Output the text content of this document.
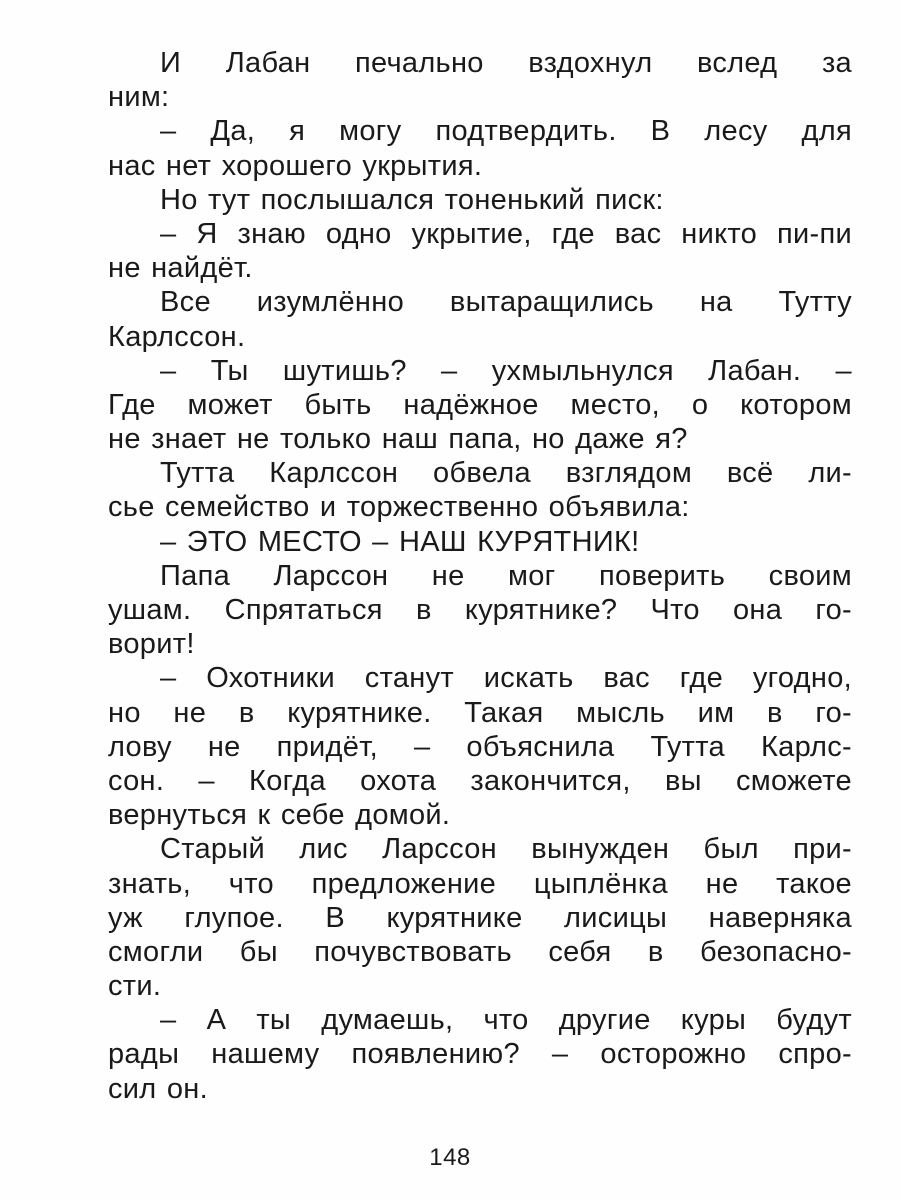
И Лабан печально вздохнул вслед за
ним:
– Да, я могу подтвердить. В лесу для
нас нет хорошего укрытия.
Но тут послышался тоненький писк:
– Я знаю одно укрытие, где вас никто пи-пи
не найдёт.
Все изумлённо вытаращились на Тутту
Карлссон.
– Ты шутишь? – ухмыльнулся Лабан. –
Где может быть надёжное место, о котором
не знает не только наш папа, но даже я?
Тутта Карлссон обвела взглядом всё ли-
сье семейство и торжественно объявила:
– ЭТО МЕСТО – НАШ КУРЯТНИК!
Папа Ларссон не мог поверить своим
ушам. Спрятаться в курятнике? Что она го-
ворит!
– Охотники станут искать вас где угодно,
но не в курятнике. Такая мысль им в го-
лову не придёт, – объяснила Тутта Карлс-
сон. – Когда охота закончится, вы сможете
вернуться к себе домой.
Старый лис Ларссон вынужден был при-
знать, что предложение цыплёнка не такое
уж глупое. В курятнике лисицы наверняка
смогли бы почувствовать себя в безопасно-
сти.
– А ты думаешь, что другие куры будут
рады нашему появлению? – осторожно спро-
сил он.
148
